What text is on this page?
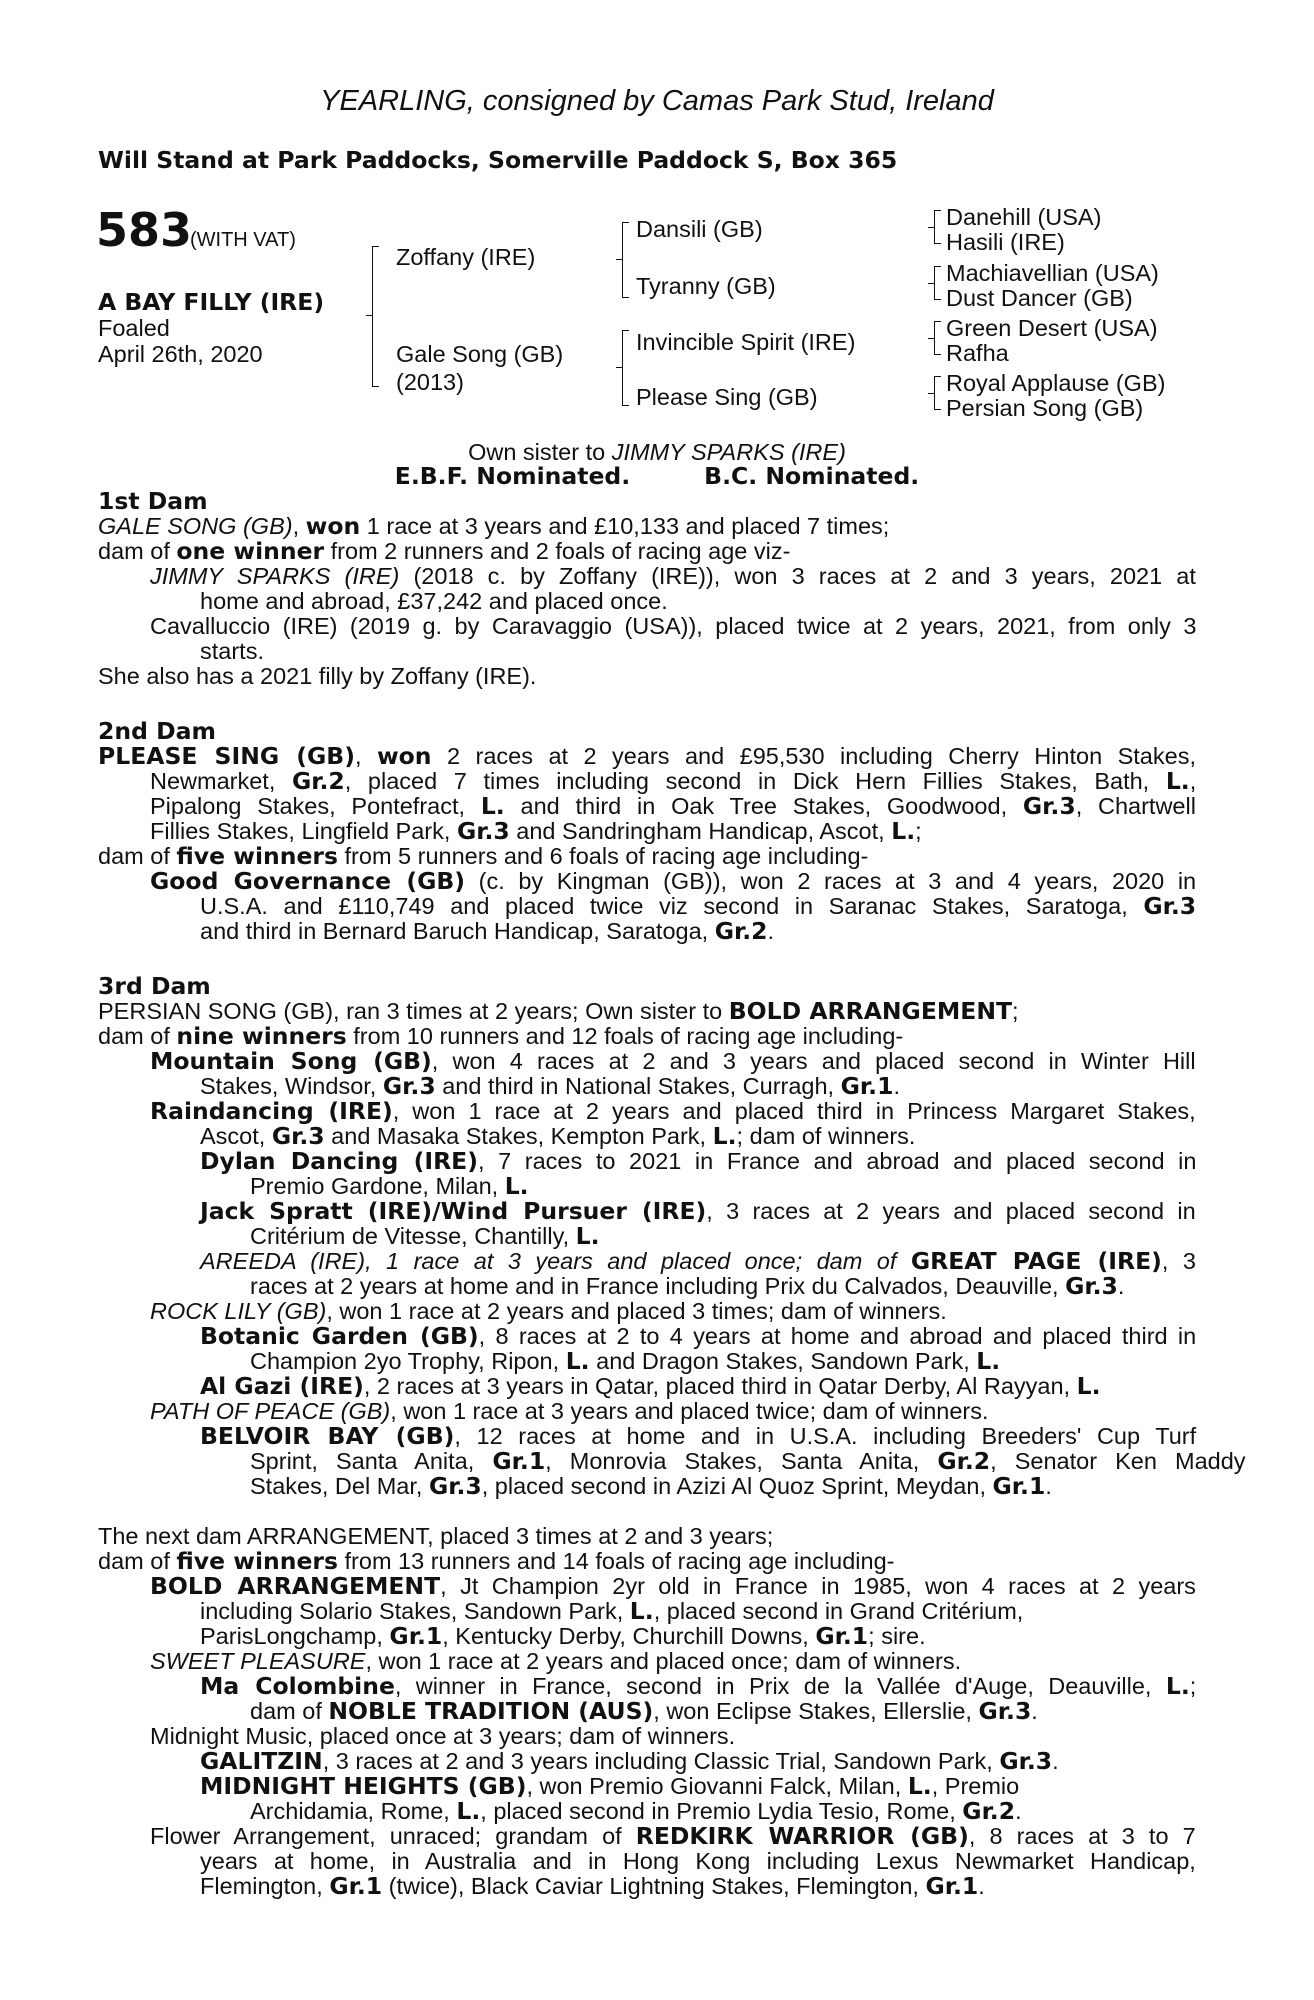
YEARLING, consigned by Camas Park Stud, Ireland
Will Stand at Park Paddocks, Somerville Paddock S, Box 365
583
(WITH VAT)
A BAY FILLY (IRE)
Foaled
April 26th, 2020
Zoffany (IRE)
Gale Song (GB)
(2013)
Dansili (GB)
Tyranny (GB)
Invincible Spirit (IRE)
Please Sing (GB)
Danehill (USA)
Hasili (IRE)
Machiavellian (USA)
Dust Dancer (GB)
Green Desert (USA)
Rafha
Royal Applause (GB)
Persian Song (GB)
Own sister to JIMMY SPARKS (IRE)
E.B.F. Nominated.	B.C. Nominated.
1st Dam
2nd Dam
3rd Dam
GALE SONG (GB), won 1 race at 3 years and £10,133 and placed 7 times;
dam of one winner from 2 runners and 2 foals of racing age viz-
JIMMY SPARKS (IRE) (2018 c. by Zoffany (IRE)), won 3 races at 2 and 3 years, 2021 at
home and abroad, £37,242 and placed once.
Cavalluccio (IRE) (2019 g. by Caravaggio (USA)), placed twice at 2 years, 2021, from only 3
starts.
She also has a 2021 filly by Zoffany (IRE).
PLEASE SING (GB), won 2 races at 2 years and £95,530 including Cherry Hinton Stakes,
Newmarket, Gr.2, placed 7 times including second in Dick Hern Fillies Stakes, Bath, L.,
Pipalong Stakes, Pontefract, L. and third in Oak Tree Stakes, Goodwood, Gr.3, Chartwell
Fillies Stakes, Lingfield Park, Gr.3 and Sandringham Handicap, Ascot, L.;
dam of five winners from 5 runners and 6 foals of racing age including-
Good Governance (GB) (c. by Kingman (GB)), won 2 races at 3 and 4 years, 2020 in
U.S.A. and £110,749 and placed twice viz second in Saranac Stakes, Saratoga, Gr.3
and third in Bernard Baruch Handicap, Saratoga, Gr.2.
PERSIAN SONG (GB), ran 3 times at 2 years; Own sister to BOLD ARRANGEMENT;
dam of nine winners from 10 runners and 12 foals of racing age including-
Mountain Song (GB), won 4 races at 2 and 3 years and placed second in Winter Hill
Stakes, Windsor, Gr.3 and third in National Stakes, Curragh, Gr.1.
Raindancing (IRE), won 1 race at 2 years and placed third in Princess Margaret Stakes,
Ascot, Gr.3 and Masaka Stakes, Kempton Park, L.; dam of winners.
Dylan Dancing (IRE), 7 races to 2021 in France and abroad and placed second in
Premio Gardone, Milan, L.
Jack Spratt (IRE)/Wind Pursuer (IRE), 3 races at 2 years and placed second in
Critérium de Vitesse, Chantilly, L.
AREEDA (IRE), 1 race at 3 years and placed once; dam of GREAT PAGE (IRE), 3
races at 2 years at home and in France including Prix du Calvados, Deauville, Gr.3.
ROCK LILY (GB), won 1 race at 2 years and placed 3 times; dam of winners.
Botanic Garden (GB), 8 races at 2 to 4 years at home and abroad and placed third in
Champion 2yo Trophy, Ripon, L. and Dragon Stakes, Sandown Park, L.
Al Gazi (IRE), 2 races at 3 years in Qatar, placed third in Qatar Derby, Al Rayyan, L.
PATH OF PEACE (GB), won 1 race at 3 years and placed twice; dam of winners.
BELVOIR BAY (GB), 12 races at home and in U.S.A. including Breeders' Cup Turf
Sprint, Santa Anita, Gr.1, Monrovia Stakes, Santa Anita, Gr.2, Senator Ken Maddy
Stakes, Del Mar, Gr.3, placed second in Azizi Al Quoz Sprint, Meydan, Gr.1.
The next dam ARRANGEMENT, placed 3 times at 2 and 3 years;
dam of five winners from 13 runners and 14 foals of racing age including-
BOLD ARRANGEMENT, Jt Champion 2yr old in France in 1985, won 4 races at 2 years
including Solario Stakes, Sandown Park, L., placed second in Grand Critérium,
ParisLongchamp, Gr.1, Kentucky Derby, Churchill Downs, Gr.1; sire.
SWEET PLEASURE, won 1 race at 2 years and placed once; dam of winners.
Ma Colombine, winner in France, second in Prix de la Vallée d'Auge, Deauville, L.;
dam of NOBLE TRADITION (AUS), won Eclipse Stakes, Ellerslie, Gr.3.
Midnight Music, placed once at 3 years; dam of winners.
GALITZIN, 3 races at 2 and 3 years including Classic Trial, Sandown Park, Gr.3.
MIDNIGHT HEIGHTS (GB), won Premio Giovanni Falck, Milan, L., Premio
Archidamia, Rome, L., placed second in Premio Lydia Tesio, Rome, Gr.2.
Flower Arrangement, unraced; grandam of REDKIRK WARRIOR (GB), 8 races at 3 to 7
years at home, in Australia and in Hong Kong including Lexus Newmarket Handicap,
Flemington, Gr.1 (twice), Black Caviar Lightning Stakes, Flemington, Gr.1.
